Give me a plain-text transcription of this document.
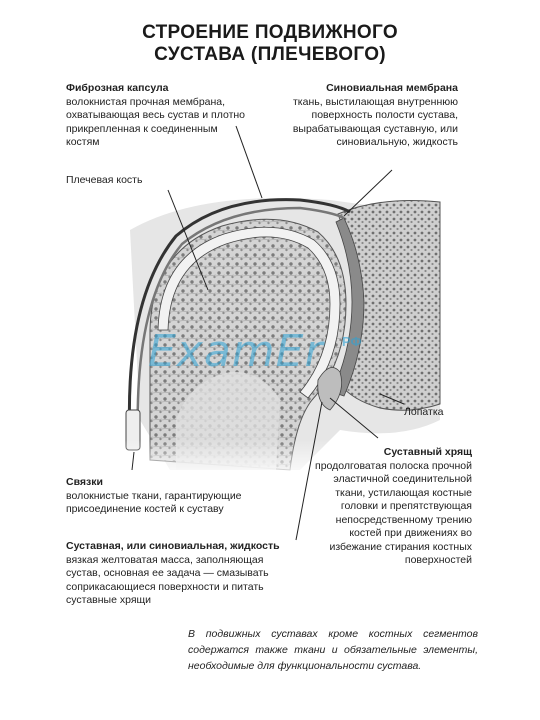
СТРОЕНИЕ ПОДВИЖНОГО
СУСТАВА (ПЛЕЧЕВОГО)
ExamEr РФ
Фиброзная капсула
волокнистая прочная мембрана,
охватывающая весь сустав и плотно
прикрепленная к соединенным
костям
Синовиальная мембрана
ткань, выстилающая внутреннюю
поверхность полости сустава,
вырабатывающая суставную, или
синовиальную, жидкость
Плечевая кость
Лопатка
Суставный хрящ
продолговатая полоска прочной
эластичной соединительной
ткани, устилающая костные
головки и препятствующая
непосредственному трению
костей при движениях во
избежание стирания костных
поверхностей
Связки
волокнистые ткани, гарантирующие
присоединение костей к суставу
Суставная, или синовиальная, жидкость
вязкая желтоватая масса, заполняющая
сустав, основная ее задача — смазывать
соприкасающиеся поверхности и питать
суставные хрящи
В подвижных суставах кроме костных сегментов содержатся также ткани и обязательные элементы, необходимые для функциональности сустава.
